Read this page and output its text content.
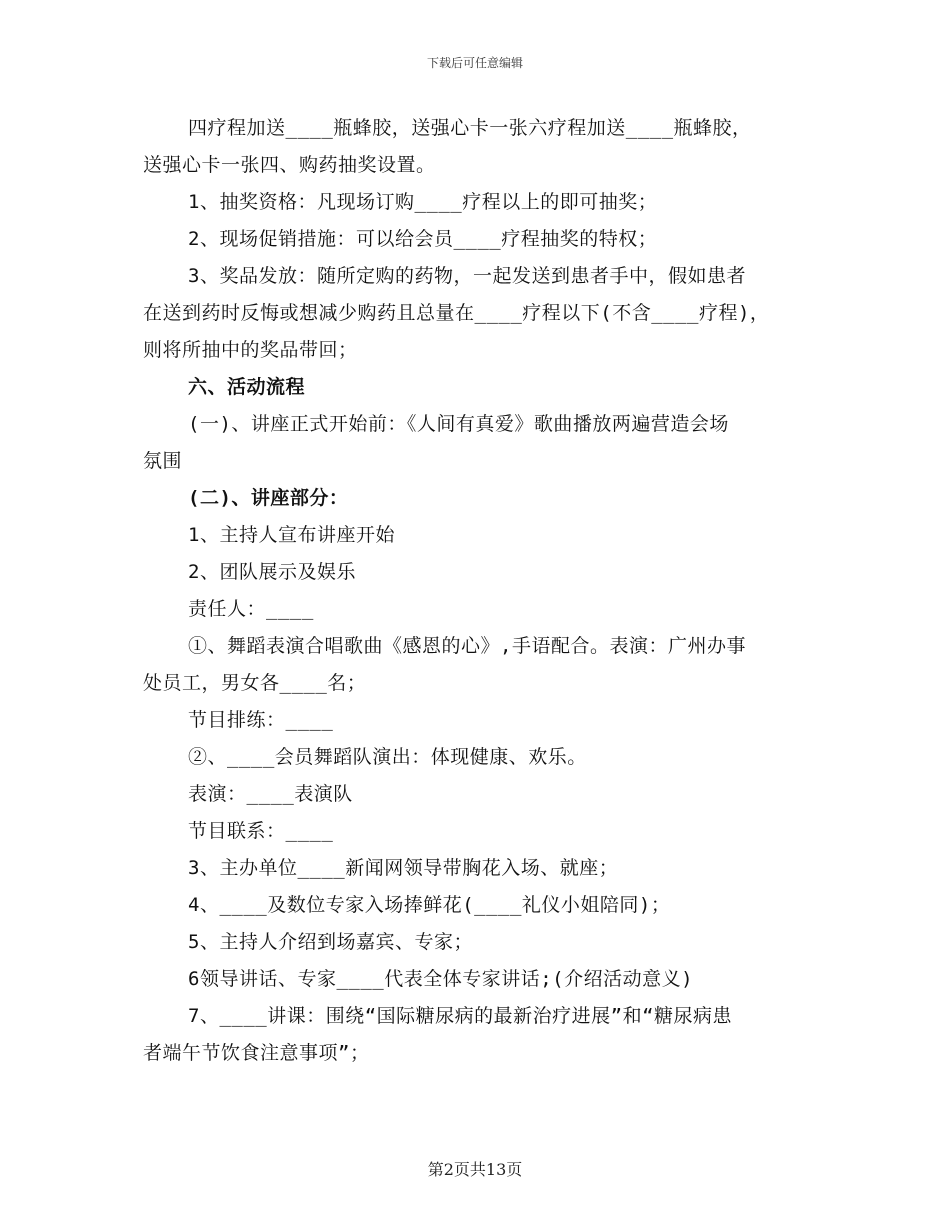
下载后可任意编辑
四疗程加送____瓶蜂胶，送强心卡一张六疗程加送____瓶蜂胶，
送强心卡一张四、购药抽奖设置。
1、抽奖资格：凡现场订购____疗程以上的即可抽奖；
2、现场促销措施：可以给会员____疗程抽奖的特权；
3、奖品发放：随所定购的药物，一起发送到患者手中，假如患者
在送到药时反悔或想减少购药且总量在____疗程以下(不含____疗程)，
则将所抽中的奖品带回；
六、活动流程
(一)、讲座正式开始前：《人间有真爱》歌曲播放两遍营造会场
氛围
(二)、讲座部分：
1、主持人宣布讲座开始
2、团队展示及娱乐
责任人：____
①、舞蹈表演合唱歌曲《感恩的心》,手语配合。表演：广州办事
处员工，男女各____名；
节目排练：____
②、____会员舞蹈队演出：体现健康、欢乐。
表演：____表演队
节目联系：____
3、主办单位____新闻网领导带胸花入场、就座；
4、____及数位专家入场捧鲜花(____礼仪小姐陪同)；
5、主持人介绍到场嘉宾、专家；
6领导讲话、专家____代表全体专家讲话;(介绍活动意义)
7、____讲课：围绕“国际糖尿病的最新治疗进展”和“糖尿病患
者端午节饮食注意事项”；
第2页共13页
